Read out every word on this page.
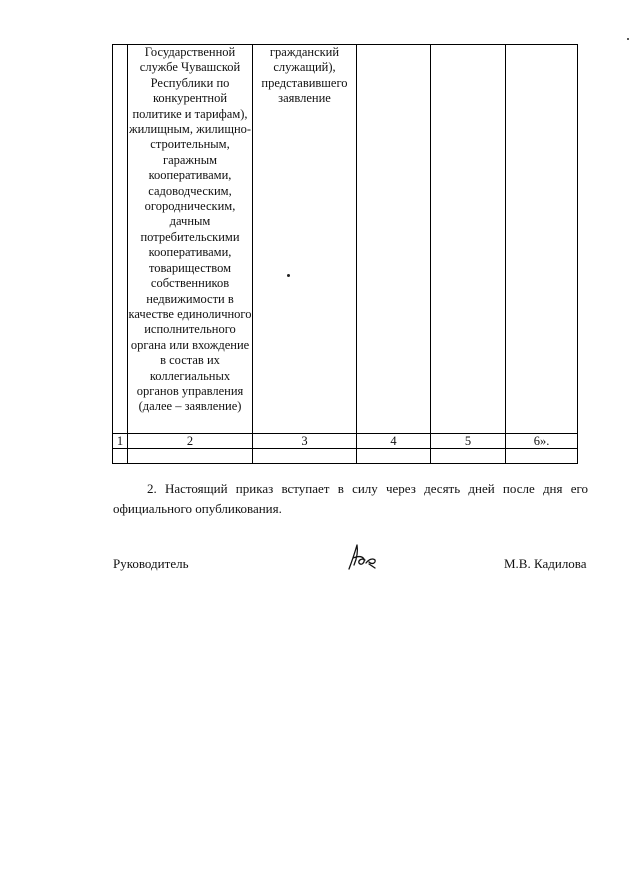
	Государственной службе Чувашской Республики по конкурентной политике и тарифам), жилищным, жилищно-строительным, гаражным кооперативами, садоводческим, огородническим, дачным потребительскими кооперативами, товариществом собственников недвижимости в качестве единоличного исполнительного органа или вхождение в состав их коллегиальных органов управления (далее – заявление)	гражданский служащий), представившего заявление			
1	2	3	4	5	6».

2. Настоящий приказ вступает в силу через десять дней после дня его официального опубликования.

Руководитель	М.В. Кадилова
